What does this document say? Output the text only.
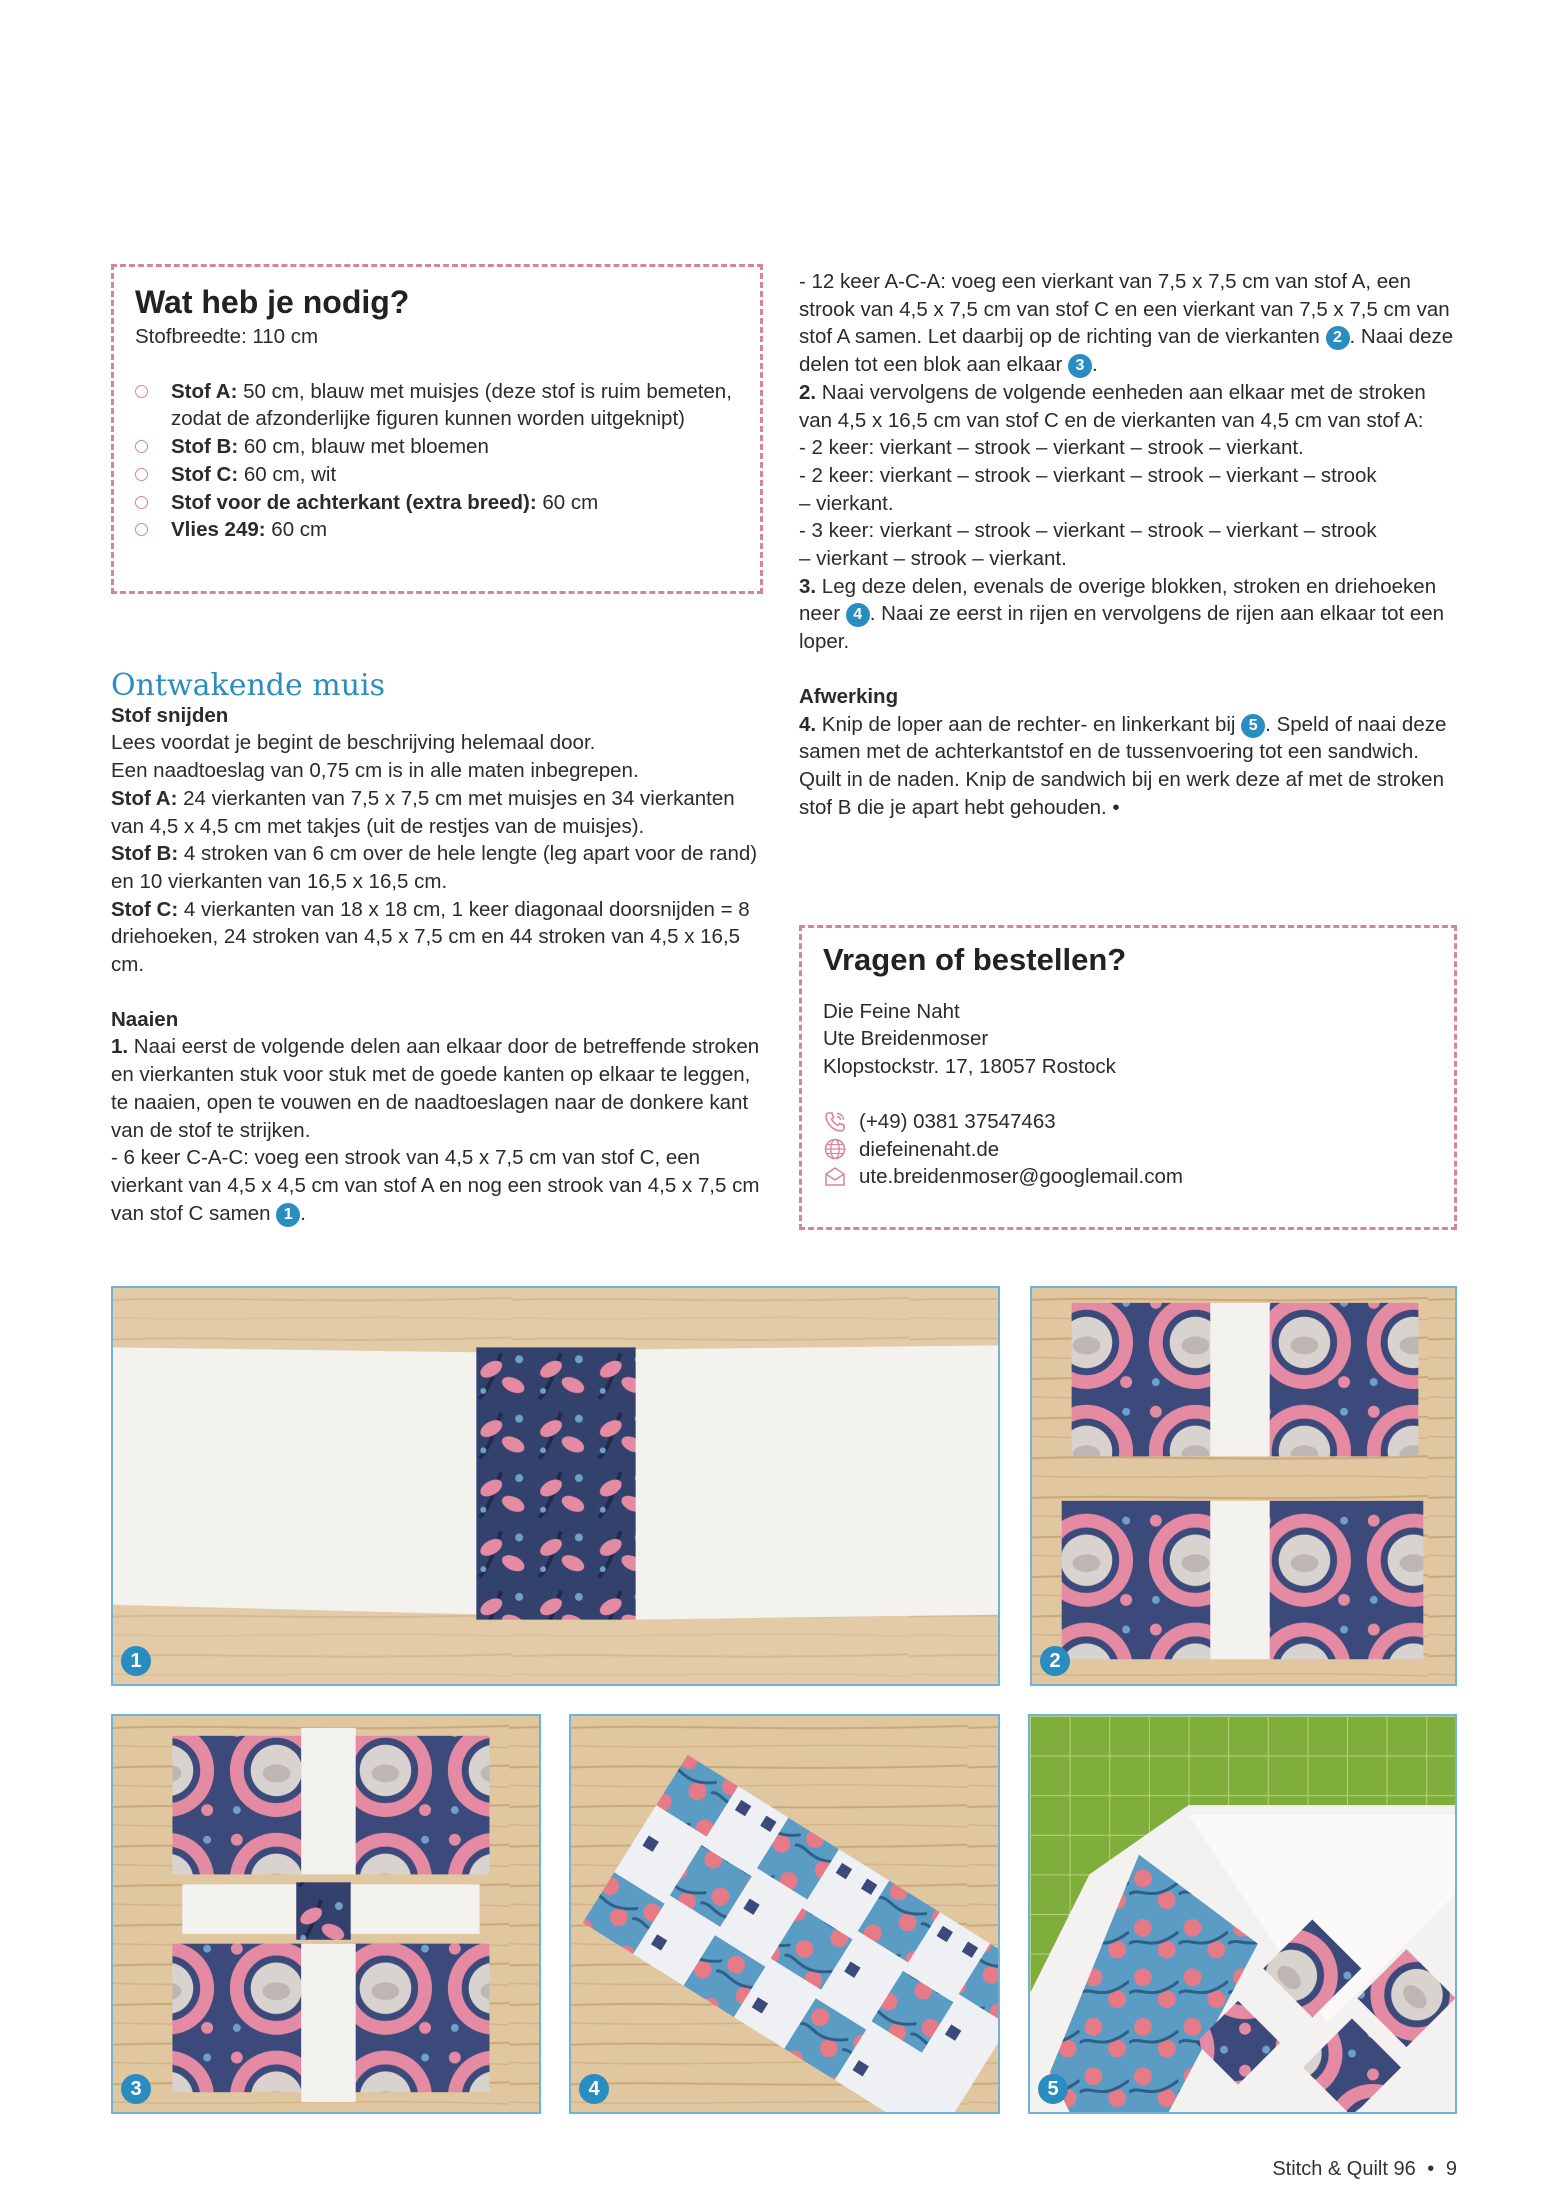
Wat heb je nodig?
Stofbreedte: 110 cm
Stof A: 50 cm, blauw met muisjes (deze stof is ruim bemeten, zodat de afzonderlijke figuren kunnen worden uitgeknipt)
Stof B: 60 cm, blauw met bloemen
Stof C: 60 cm, wit
Stof voor de achterkant (extra breed): 60 cm
Vlies 249: 60 cm
Ontwakende muis

Stof snijden

Lees voordat je begint de beschrijving helemaal door.

Een naadtoeslag van 0,75 cm is in alle maten inbegrepen.

Stof A: 24 vierkanten van 7,5 x 7,5 cm met muisjes en 34 vierkanten van 4,5 x 4,5 cm met takjes (uit de restjes van de muisjes).

Stof B: 4 stroken van 6 cm over de hele lengte (leg apart voor de rand) en 10 vierkanten van 16,5 x 16,5 cm.

Stof C: 4 vierkanten van 18 x 18 cm, 1 keer diagonaal doorsnijden = 8 driehoeken, 24 stroken van 4,5 x 7,5 cm en 44 stroken van 4,5 x 16,5 cm.

Naaien

1. Naai eerst de volgende delen aan elkaar door de betreffende stroken en vierkanten stuk voor stuk met de goede kanten op elkaar te leggen, te naaien, open te vouwen en de naadtoeslagen naar de donkere kant van de stof te strijken.

- 6 keer C-A-C: voeg een strook van 4,5 x 7,5 cm van stof C, een vierkant van 4,5 x 4,5 cm van stof A en nog een strook van 4,5 x 7,5 cm van stof C samen 1 .

- 12 keer A-C-A: voeg een vierkant van 7,5 x 7,5 cm van stof A, een strook van 4,5 x 7,5 cm van stof C en een vierkant van 7,5 x 7,5 cm van stof A samen. Let daarbij op de richting van de vierkanten 2 . Naai deze delen tot een blok aan elkaar 3 .

2. Naai vervolgens de volgende eenheden aan elkaar met de stroken van 4,5 x 16,5 cm van stof C en de vierkanten van 4,5 cm van stof A:

- 2 keer: vierkant – strook – vierkant – strook – vierkant.

- 2 keer: vierkant – strook – vierkant – strook – vierkant – strook – vierkant.

- 3 keer: vierkant – strook – vierkant – strook – vierkant – strook – vierkant – strook – vierkant.

3. Leg deze delen, evenals de overige blokken, stroken en driehoeken neer 4 . Naai ze eerst in rijen en vervolgens de rijen aan elkaar tot een loper.

Afwerking

4. Knip de loper aan de rechter- en linkerkant bij 5 . Speld of naai deze samen met de achterkantstof en de tussenvoering tot een sandwich. Quilt in de naden. Knip de sandwich bij en werk deze af met de stroken stof B die je apart hebt gehouden. •

Vragen of bestellen?

Die Feine Naht

Ute Breidenmoser

Klopstockstr. 17, 18057 Rostock

(+49) 0381 37547463
diefeinenaht.de
ute.breidenmoser@googlemail.com
1	2
3	4	5
Stitch & Quilt 96 • 9
